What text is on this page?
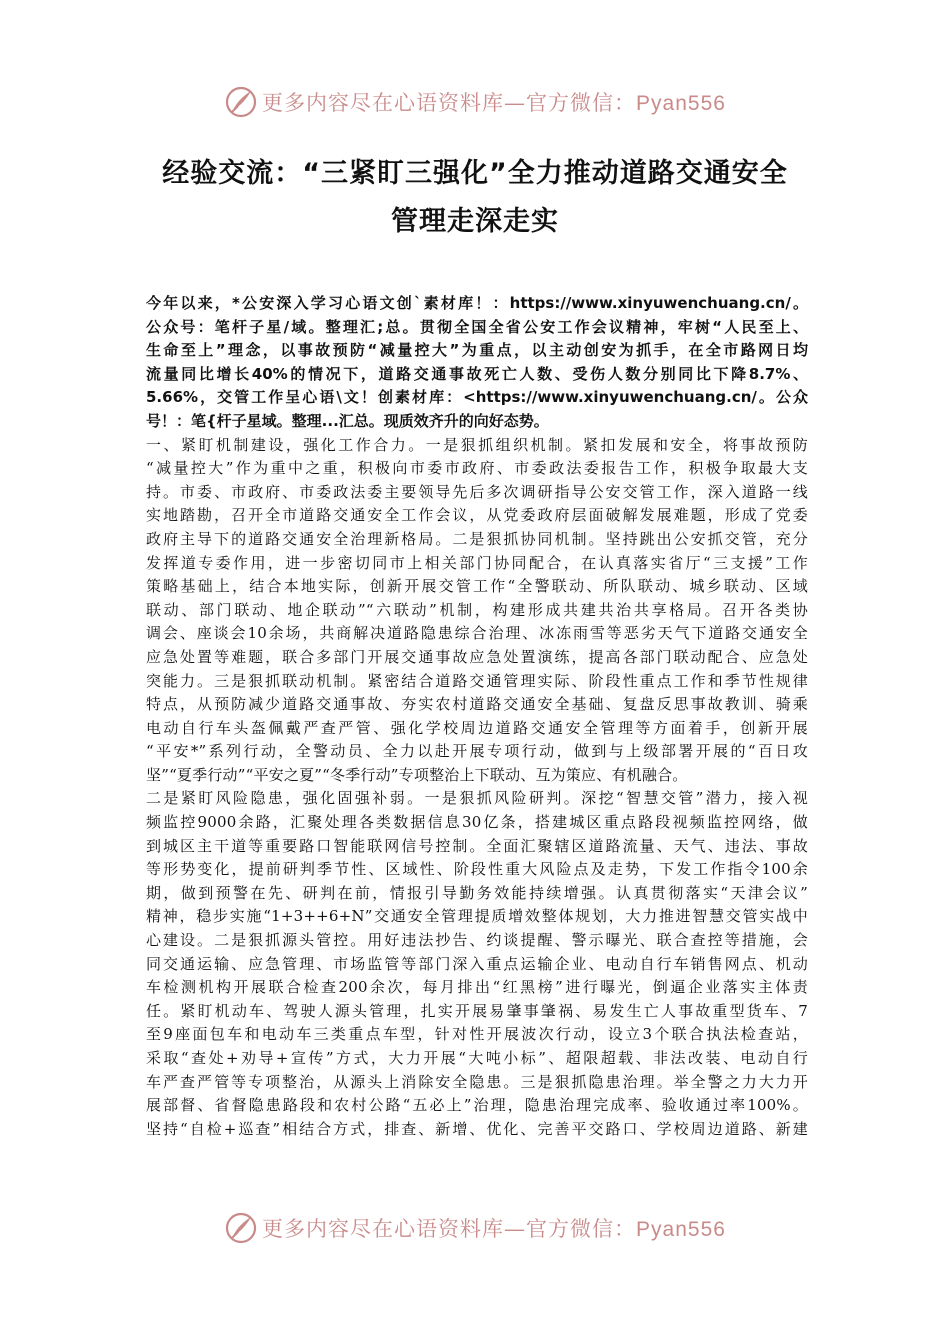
更多内容尽在心语资料库—官方微信：Pyan556
经验交流：“三紧盯三强化”全力推动道路交通安全
管理走深走实
今年以来，*公安深入学习心语文创`素材库！：https://www.xinyuwenchuang.cn/。
公众号：笔杆子星/域。整理汇;总。贯彻全国全省公安工作会议精神，牢树“人民至上、
生命至上”理念，以事故预防“减量控大”为重点，以主动创安为抓手，在全市路网日均
流量同比增长40%的情况下，道路交通事故死亡人数、受伤人数分别同比下降8.7%、
5.66%，交管工作呈心语\文！创素材库：<https://www.xinyuwenchuang.cn/。公众
号！：笔{杆子星域。整理...汇总。现质效齐升的向好态势。
一、紧盯机制建设，强化工作合力。一是狠抓组织机制。紧扣发展和安全，将事故预防
“减量控大”作为重中之重，积极向市委市政府、市委政法委报告工作，积极争取最大支
持。市委、市政府、市委政法委主要领导先后多次调研指导公安交管工作，深入道路一线
实地踏勘，召开全市道路交通安全工作会议，从党委政府层面破解发展难题，形成了党委
政府主导下的道路交通安全治理新格局。二是狠抓协同机制。坚持跳出公安抓交管，充分
发挥道专委作用，进一步密切同市上相关部门协同配合，在认真落实省厅“三支援”工作
策略基础上，结合本地实际，创新开展交管工作“全警联动、所队联动、城乡联动、区域
联动、部门联动、地企联动”“六联动”机制，构建形成共建共治共享格局。召开各类协
调会、座谈会10余场，共商解决道路隐患综合治理、冰冻雨雪等恶劣天气下道路交通安全
应急处置等难题，联合多部门开展交通事故应急处置演练，提高各部门联动配合、应急处
突能力。三是狠抓联动机制。紧密结合道路交通管理实际、阶段性重点工作和季节性规律
特点，从预防减少道路交通事故、夯实农村道路交通安全基础、复盘反思事故教训、骑乘
电动自行车头盔佩戴严查严管、强化学校周边道路交通安全管理等方面着手，创新开展
“平安*”系列行动，全警动员、全力以赴开展专项行动，做到与上级部署开展的“百日攻
坚”“夏季行动”“平安之夏”“冬季行动”专项整治上下联动、互为策应、有机融合。
二是紧盯风险隐患，强化固强补弱。一是狠抓风险研判。深挖“智慧交管”潜力，接入视
频监控9000余路，汇聚处理各类数据信息30亿条，搭建城区重点路段视频监控网络，做
到城区主干道等重要路口智能联网信号控制。全面汇聚辖区道路流量、天气、违法、事故
等形势变化，提前研判季节性、区域性、阶段性重大风险点及走势，下发工作指令100余
期，做到预警在先、研判在前，情报引导勤务效能持续增强。认真贯彻落实“天津会议”
精神，稳步实施“1+3++6+N”交通安全管理提质增效整体规划，大力推进智慧交管实战中
心建设。二是狠抓源头管控。用好违法抄告、约谈提醒、警示曝光、联合查控等措施，会
同交通运输、应急管理、市场监管等部门深入重点运输企业、电动自行车销售网点、机动
车检测机构开展联合检查200余次，每月排出“红黑榜”进行曝光，倒逼企业落实主体责
任。紧盯机动车、驾驶人源头管理，扎实开展易肇事肇祸、易发生亡人事故重型货车、7
至9座面包车和电动车三类重点车型，针对性开展波次行动，设立3个联合执法检查站，
采取“查处+劝导+宣传”方式，大力开展“大吨小标”、超限超载、非法改装、电动自行
车严查严管等专项整治，从源头上消除安全隐患。三是狠抓隐患治理。举全警之力大力开
展部督、省督隐患路段和农村公路“五必上”治理，隐患治理完成率、验收通过率100%。
坚持“自检+巡查”相结合方式，排查、新增、优化、完善平交路口、学校周边道路、新建
更多内容尽在心语资料库—官方微信：Pyan556
